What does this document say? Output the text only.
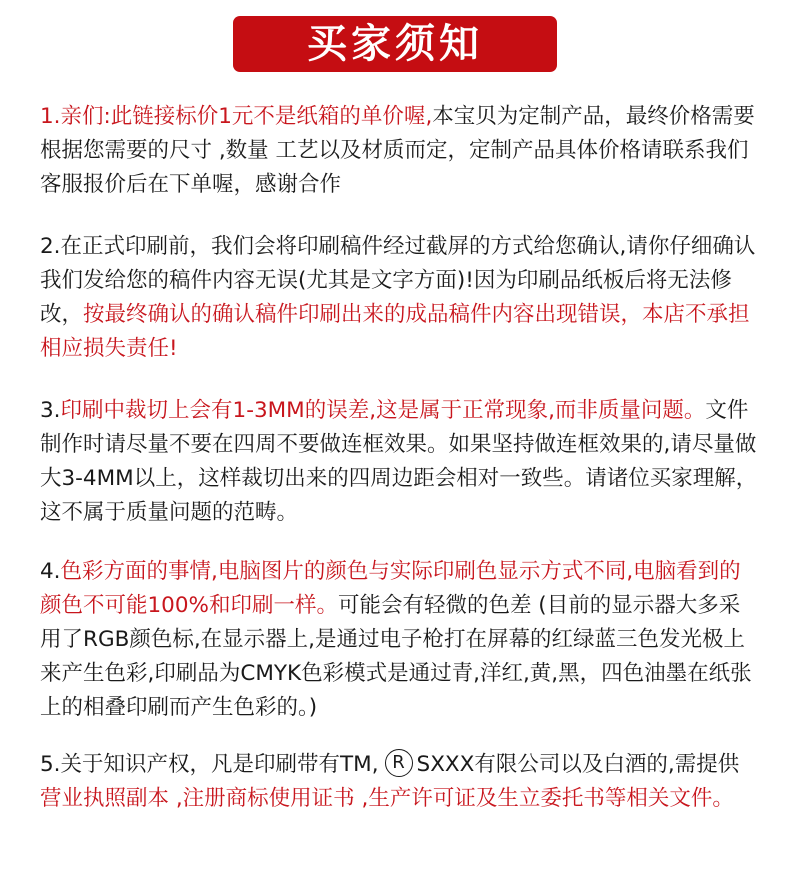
买家须知
1.亲们:此链接标价1元不是纸箱的单价喔,本宝贝为定制产品，最终价格需要根据您需要的尺寸 ,数量 工艺以及材质而定，定制产品具体价格请联系我们客服报价后在下单喔，感谢合作
2.在正式印刷前，我们会将印刷稿件经过截屏的方式给您确认,请你仔细确认我们发给您的稿件内容无误(尤其是文字方面)!因为印刷品纸板后将无法修改，按最终确认的确认稿件印刷出来的成品稿件内容出现错误，本店不承担相应损失责任!
3.印刷中裁切上会有1-3MM的误差,这是属于正常现象,而非质量问题。文件制作时请尽量不要在四周不要做连框效果。如果坚持做连框效果的,请尽量做大3-4MM以上，这样裁切出来的四周边距会相对一致些。请诸位买家理解，这不属于质量问题的范畴。
4.色彩方面的事情,电脑图片的颜色与实际印刷色显示方式不同,电脑看到的颜色不可能100%和印刷一样。可能会有轻微的色差 (目前的显示器大多采用了RGB颜色标,在显示器上,是通过电子枪打在屏幕的红绿蓝三色发光极上来产生色彩,印刷品为CMYK色彩模式是通过青,洋红,黄,黑，四色油墨在纸张上的相叠印刷而产生色彩的。)
5.关于知识产权，凡是印刷带有TM, R SXXX有限公司以及白酒的,需提供营业执照副本 ,注册商标使用证书 ,生产许可证及生立委托书等相关文件。
